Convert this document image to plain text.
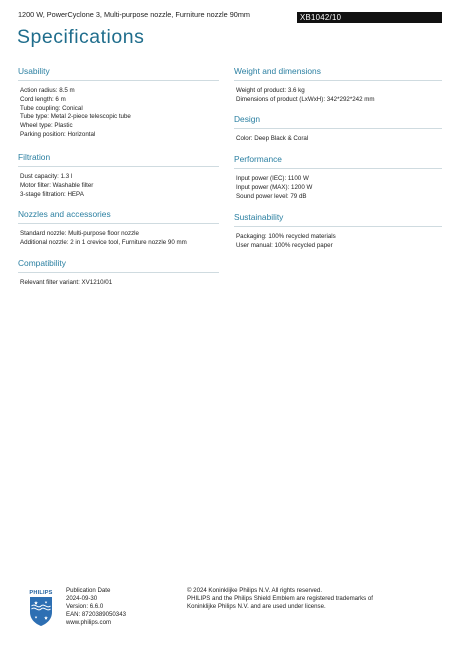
1200 W, PowerCyclone 3, Multi-purpose nozzle, Furniture nozzle 90mm	XB1042/10
Specifications
Usability
Action radius: 8.5 m
Cord length: 6 m
Tube coupling: Conical
Tube type: Metal 2-piece telescopic tube
Wheel type: Plastic
Parking position: Horizontal
Filtration
Dust capacity: 1.3 l
Motor filter: Washable filter
3-stage filtration: HEPA
Nozzles and accessories
Standard nozzle: Multi-purpose floor nozzle
Additional nozzle: 2 in 1 crevice tool, Furniture nozzle 90 mm
Compatibility
Relevant filter variant: XV1210/01
Weight and dimensions
Weight of product: 3.6 kg
Dimensions of product (LxWxH): 342*292*242 mm
Design
Color: Deep Black & Coral
Performance
Input power (IEC): 1100 W
Input power (MAX): 1200 W
Sound power level: 79 dB
Sustainability
Packaging: 100% recycled materials
User manual: 100% recycled paper
PHILIPS Publication Date
2024-09-30
Version: 6.6.0
EAN: 8720389050343
www.philips.com
© 2024 Koninklijke Philips N.V. All rights reserved.
PHILIPS and the Philips Shield Emblem are registered trademarks of
Koninklijke Philips N.V. and are used under license.
